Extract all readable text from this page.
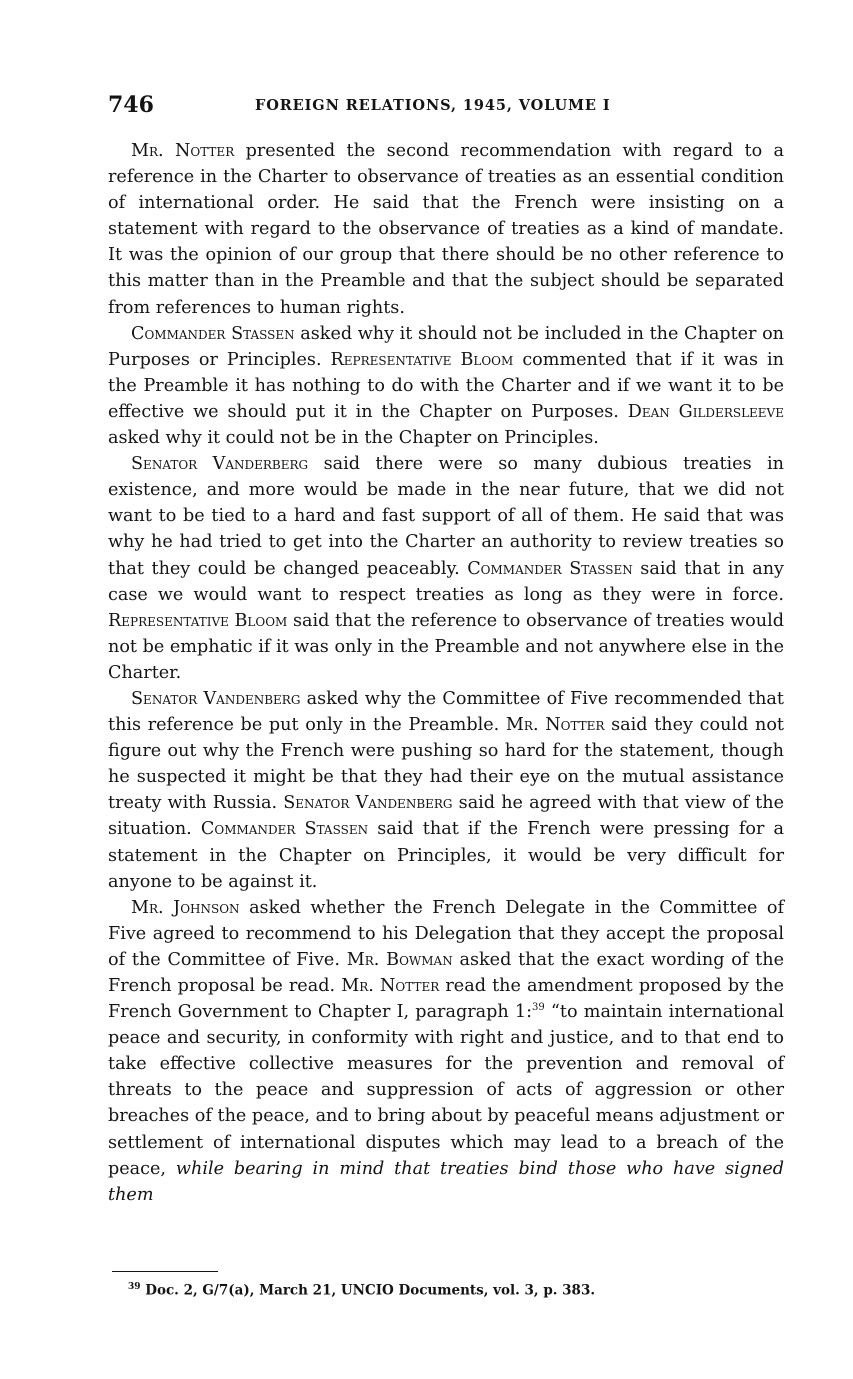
746	FOREIGN RELATIONS, 1945, VOLUME I

Mr. Notter presented the second recommendation with regard to a reference in the Charter to observance of treaties as an essential condition of international order. He said that the French were insisting on a statement with regard to the observance of treaties as a kind of mandate. It was the opinion of our group that there should be no other reference to this matter than in the Preamble and that the subject should be separated from references to human rights.

Commander Stassen asked why it should not be included in the Chapter on Purposes or Principles. Representative Bloom commented that if it was in the Preamble it has nothing to do with the Charter and if we want it to be effective we should put it in the Chapter on Purposes. Dean Gildersleeve asked why it could not be in the Chapter on Principles.

Senator Vanderberg said there were so many dubious treaties in existence, and more would be made in the near future, that we did not want to be tied to a hard and fast support of all of them. He said that was why he had tried to get into the Charter an authority to review treaties so that they could be changed peaceably. Commander Stassen said that in any case we would want to respect treaties as long as they were in force. Representative Bloom said that the reference to observance of treaties would not be emphatic if it was only in the Preamble and not anywhere else in the Charter.

Senator Vandenberg asked why the Committee of Five recommended that this reference be put only in the Preamble. Mr. Notter said they could not figure out why the French were pushing so hard for the statement, though he suspected it might be that they had their eye on the mutual assistance treaty with Russia. Senator Vandenberg said he agreed with that view of the situation. Commander Stassen said that if the French were pressing for a statement in the Chapter on Principles, it would be very difficult for anyone to be against it.

Mr. Johnson asked whether the French Delegate in the Committee of Five agreed to recommend to his Delegation that they accept the proposal of the Committee of Five. Mr. Bowman asked that the exact wording of the French proposal be read. Mr. Notter read the amendment proposed by the French Government to Chapter I, paragraph 1:$^{39}$ “to maintain international peace and security, in conformity with right and justice, and to that end to take effective collective measures for the prevention and removal of threats to the peace and suppression of acts of aggression or other breaches of the peace, and to bring about by peaceful means adjustment or settlement of international disputes which may lead to a breach of the peace, while bearing in mind that treaties bind those who have signed them

$^{39}$ Doc. 2, G/7(a), March 21, UNCIO Documents, vol. 3, p. 383.
